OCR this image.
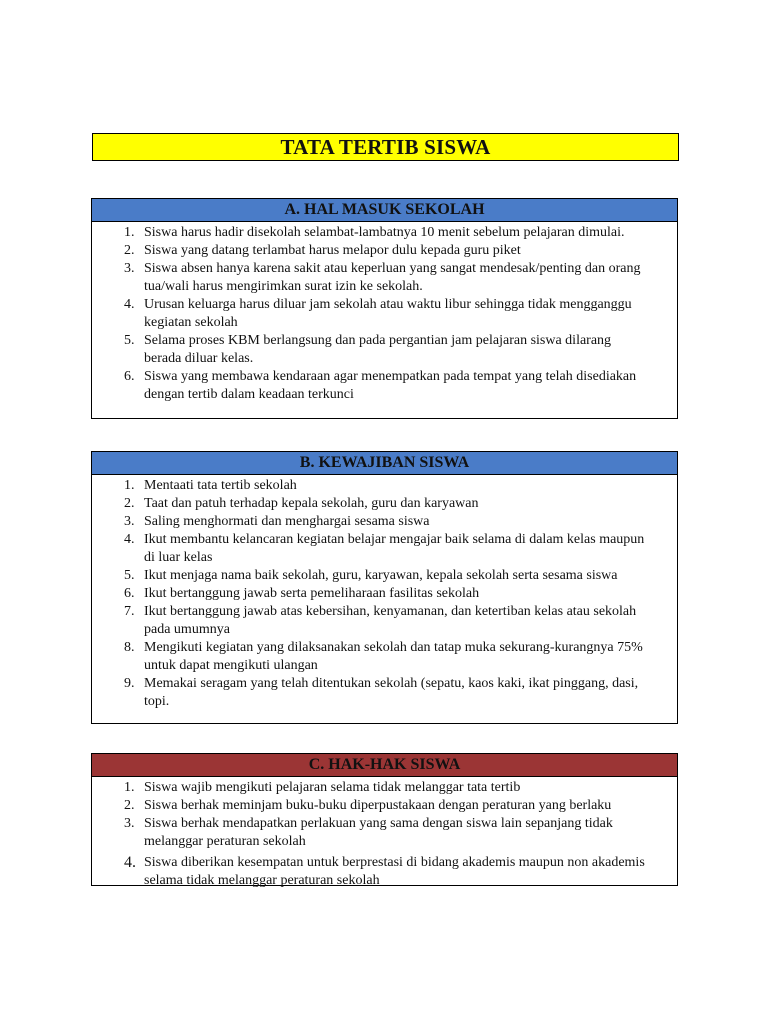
TATA TERTIB SISWA
A. HAL MASUK SEKOLAH
1. Siswa harus hadir disekolah selambat-lambatnya 10 menit sebelum pelajaran dimulai.
2. Siswa yang datang terlambat harus melapor dulu kepada guru piket
3. Siswa absen hanya karena sakit atau keperluan yang sangat mendesak/penting dan orang tua/wali harus mengirimkan surat izin ke sekolah.
4. Urusan keluarga harus diluar jam sekolah atau waktu libur sehingga tidak mengganggu kegiatan sekolah
5. Selama proses KBM berlangsung dan pada pergantian jam pelajaran siswa dilarang berada diluar kelas.
6. Siswa yang membawa kendaraan agar menempatkan pada tempat yang telah disediakan dengan tertib dalam keadaan terkunci
B. KEWAJIBAN SISWA
1. Mentaati tata tertib sekolah
2. Taat dan patuh terhadap kepala sekolah, guru dan karyawan
3. Saling menghormati dan menghargai sesama siswa
4. Ikut membantu kelancaran kegiatan belajar mengajar baik selama di dalam kelas maupun di luar kelas
5. Ikut menjaga nama baik sekolah, guru, karyawan, kepala sekolah serta sesama siswa
6. Ikut bertanggung jawab serta pemeliharaan fasilitas sekolah
7. Ikut bertanggung jawab atas kebersihan, kenyamanan, dan ketertiban kelas atau sekolah pada umumnya
8. Mengikuti kegiatan yang dilaksanakan sekolah dan tatap muka sekurang-kurangnya 75% untuk dapat mengikuti ulangan
9. Memakai seragam yang telah ditentukan sekolah (sepatu, kaos kaki, ikat pinggang, dasi, topi.
C. HAK-HAK SISWA
1. Siswa wajib mengikuti pelajaran selama tidak melanggar tata tertib
2. Siswa berhak meminjam buku-buku diperpustakaan dengan peraturan yang berlaku
3. Siswa berhak mendapatkan perlakuan yang sama dengan siswa lain sepanjang tidak melanggar peraturan sekolah
4. Siswa diberikan kesempatan untuk berprestasi di bidang akademis maupun non akademis selama tidak melanggar peraturan sekolah
